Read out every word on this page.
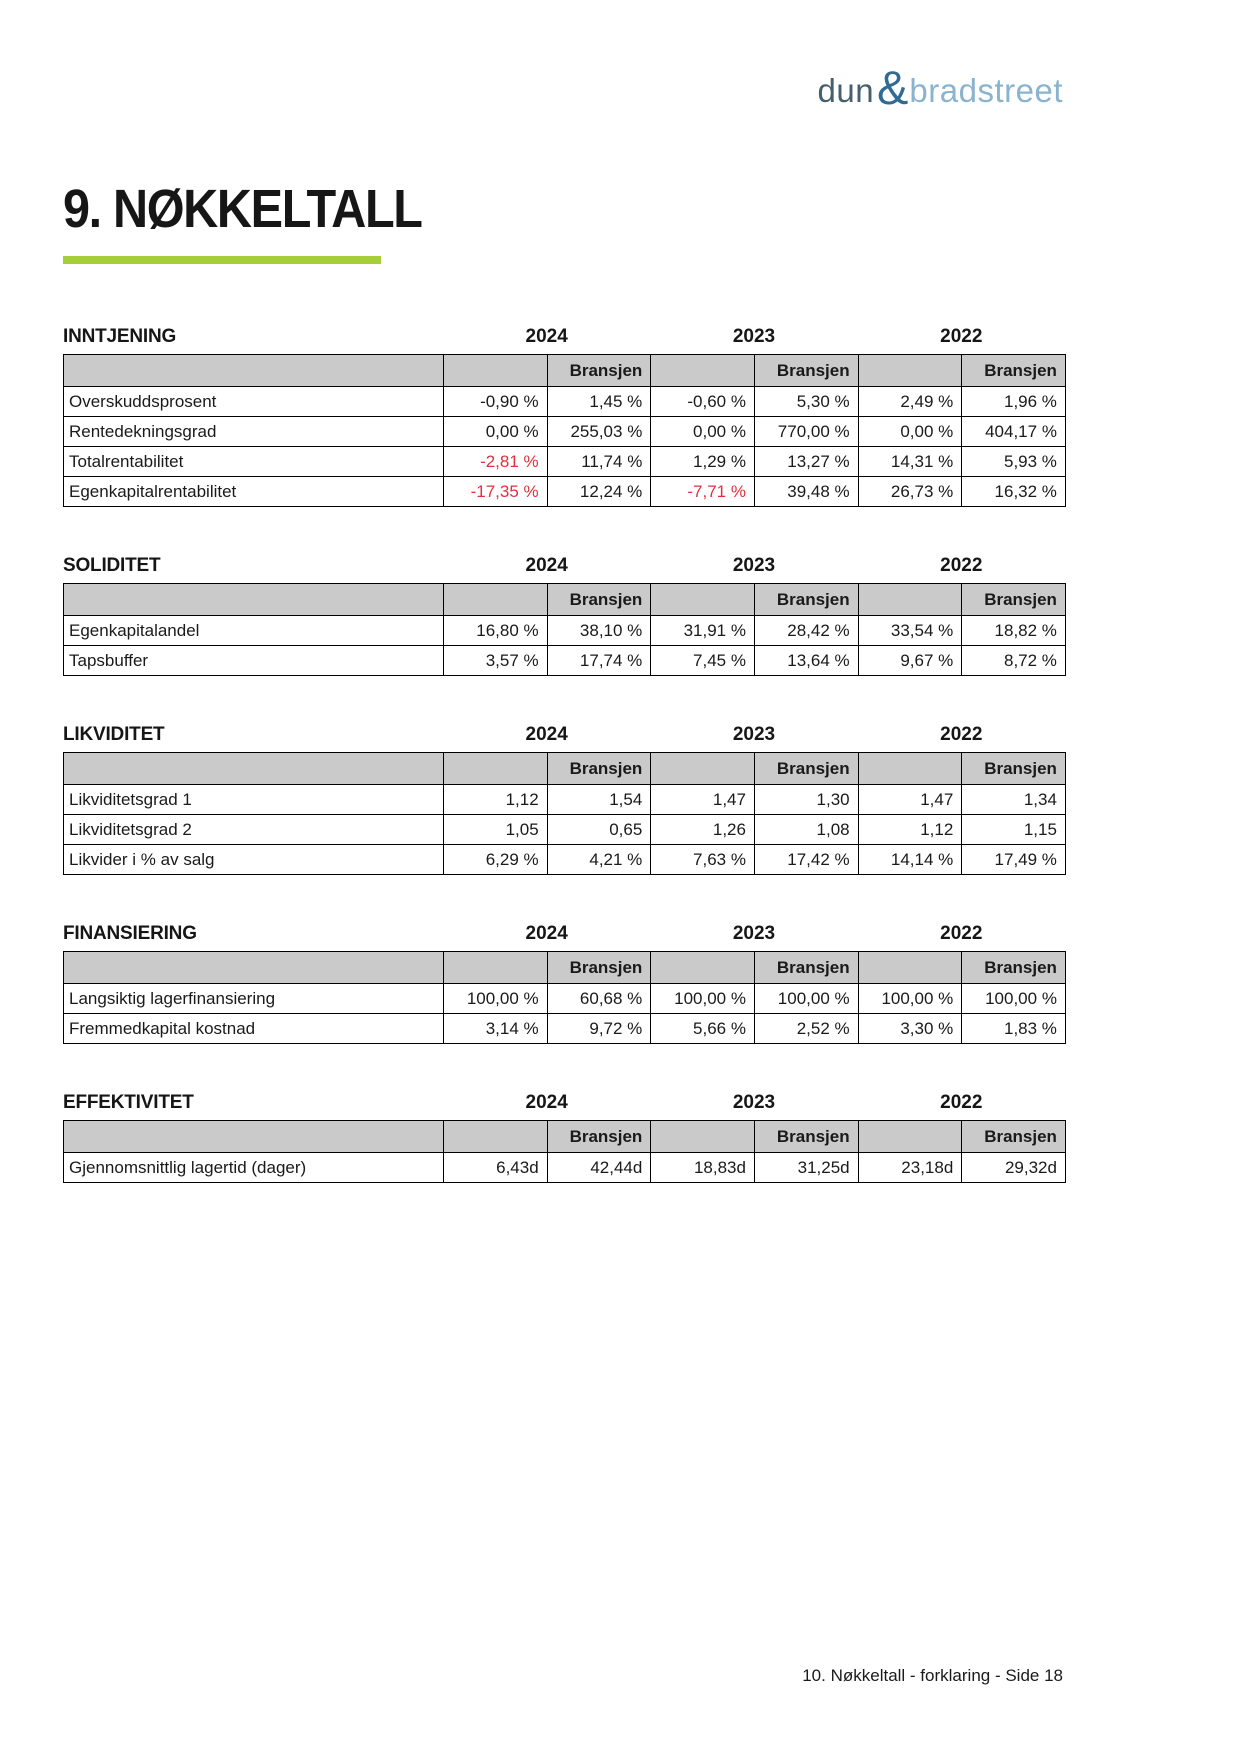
dun & bradstreet
9. NØKKELTALL
INNTJENING	2024	2023	2022
		Bransjen		Bransjen		Bransjen
Overskuddsprosent	-0,90 %	1,45 %	-0,60 %	5,30 %	2,49 %	1,96 %
Rentedekningsgrad	0,00 %	255,03 %	0,00 %	770,00 %	0,00 %	404,17 %
Totalrentabilitet	-2,81 %	11,74 %	1,29 %	13,27 %	14,31 %	5,93 %
Egenkapitalrentabilitet	-17,35 %	12,24 %	-7,71 %	39,48 %	26,73 %	16,32 %
SOLIDITET	2024	2023	2022
		Bransjen		Bransjen		Bransjen
Egenkapitalandel	16,80 %	38,10 %	31,91 %	28,42 %	33,54 %	18,82 %
Tapsbuffer	3,57 %	17,74 %	7,45 %	13,64 %	9,67 %	8,72 %
LIKVIDITET	2024	2023	2022
		Bransjen		Bransjen		Bransjen
Likviditetsgrad 1	1,12	1,54	1,47	1,30	1,47	1,34
Likviditetsgrad 2	1,05	0,65	1,26	1,08	1,12	1,15
Likvider i % av salg	6,29 %	4,21 %	7,63 %	17,42 %	14,14 %	17,49 %
FINANSIERING	2024	2023	2022
		Bransjen		Bransjen		Bransjen
Langsiktig lagerfinansiering	100,00 %	60,68 %	100,00 %	100,00 %	100,00 %	100,00 %
Fremmedkapital kostnad	3,14 %	9,72 %	5,66 %	2,52 %	3,30 %	1,83 %
EFFEKTIVITET	2024	2023	2022
		Bransjen		Bransjen		Bransjen
Gjennomsnittlig lagertid (dager)	6,43d	42,44d	18,83d	31,25d	23,18d	29,32d
10. Nøkkeltall - forklaring - Side 18
